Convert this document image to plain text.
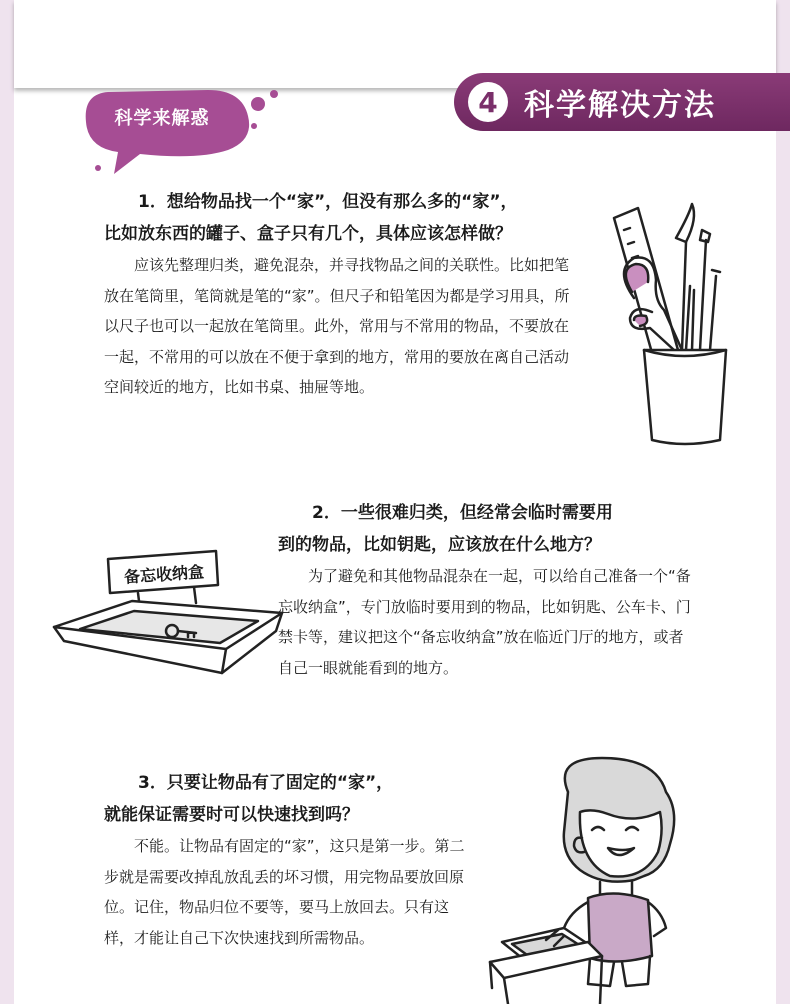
4 科学解决方法
科学来解惑
1．想给物品找一个“家”，但没有那么多的“家”，
比如放东西的罐子、盒子只有几个，具体应该怎样做？

应该先整理归类，避免混杂，并寻找物品之间的关联性。比如把笔放在笔筒里，笔筒就是笔的“家”。但尺子和铅笔因为都是学习用具，所以尺子也可以一起放在笔筒里。此外，常用与不常用的物品，不要放在一起，不常用的可以放在不便于拿到的地方，常用的要放在离自己活动空间较近的地方，比如书桌、抽屉等地。

2．一些很难归类，但经常会临时需要用
到的物品，比如钥匙，应该放在什么地方？

为了避免和其他物品混杂在一起，可以给自己准备一个“备忘收纳盒”，专门放临时要用到的物品，比如钥匙、公车卡、门禁卡等，建议把这个“备忘收纳盒”放在临近门厅的地方，或者自己一眼就能看到的地方。

备忘收纳盒
3．只要让物品有了固定的“家”，
就能保证需要时可以快速找到吗？

不能。让物品有固定的“家”，这只是第一步。第二步就是需要改掉乱放乱丢的坏习惯，用完物品要放回原位。记住，物品归位不要等，要马上放回去。只有这样，才能让自己下次快速找到所需物品。
